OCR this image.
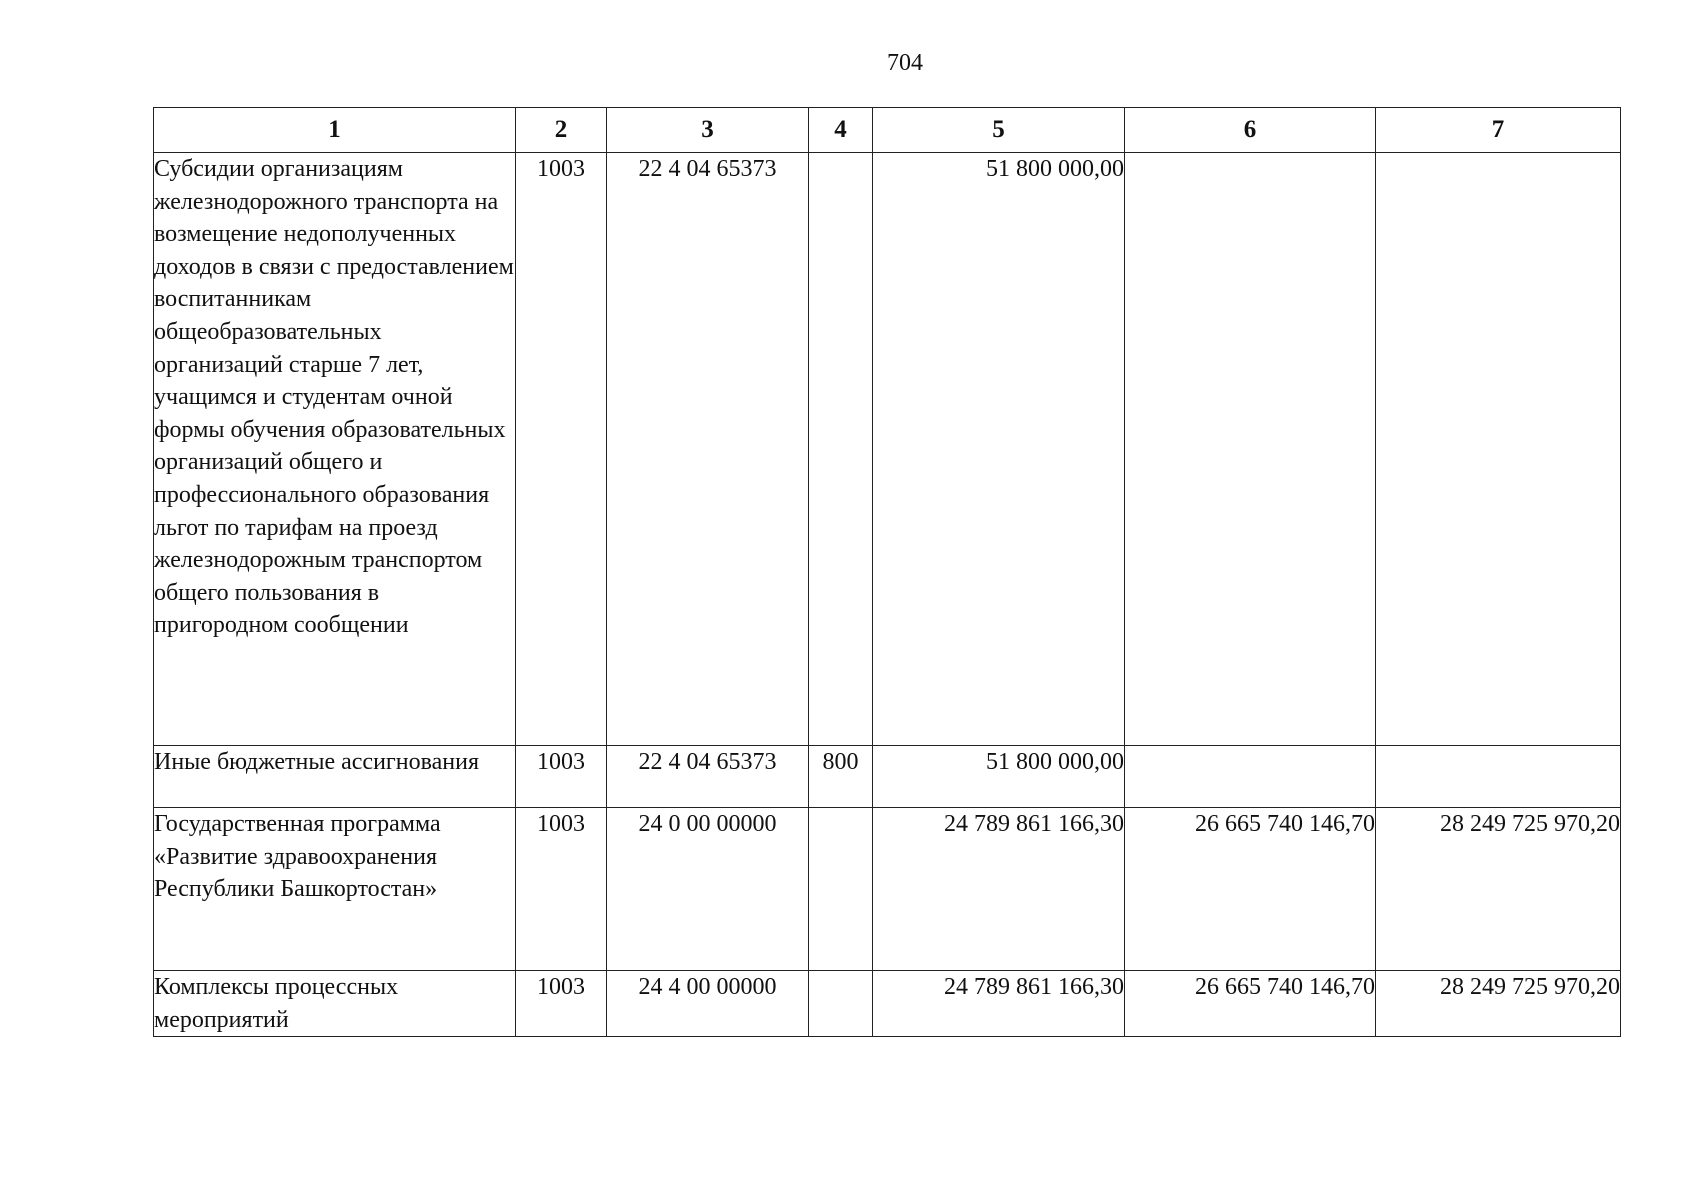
704
1	2	3	4	5	6	7
Субсидии организациям железнодорожного транспорта на возмещение недополученных доходов в связи с предоставлением воспитанникам общеобразовательных организаций старше 7 лет, учащимся и студентам очной формы обучения образовательных организаций общего и профессионального образования льгот по тарифам на проезд железнодорожным транспортом общего пользования в пригородном сообщении	1003	22 4 04 65373		51 800 000,00		
Иные бюджетные ассигнования	1003	22 4 04 65373	800	51 800 000,00		
Государственная программа «Развитие здравоохранения Республики Башкортостан»	1003	24 0 00 00000		24 789 861 166,30	26 665 740 146,70	28 249 725 970,20
Комплексы процессных мероприятий	1003	24 4 00 00000		24 789 861 166,30	26 665 740 146,70	28 249 725 970,20
